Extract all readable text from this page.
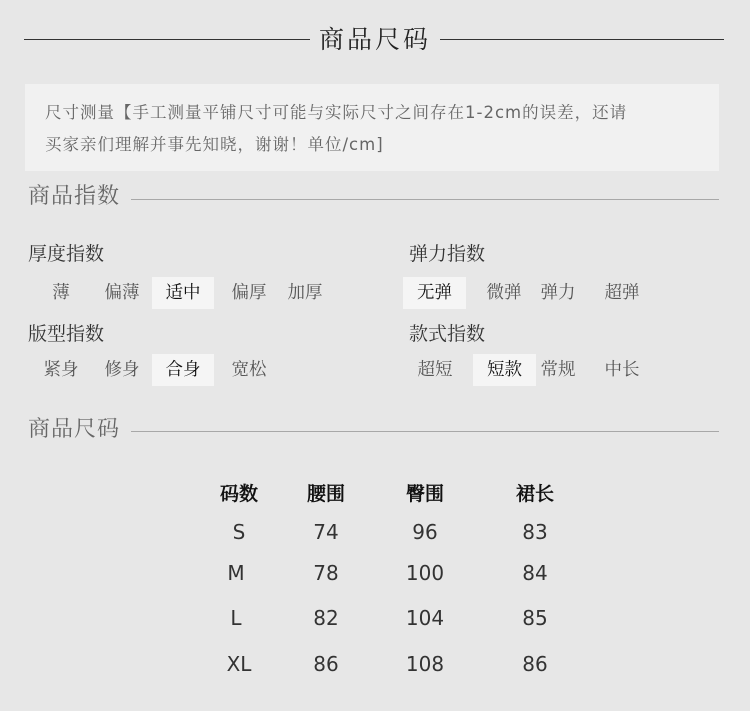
商品尺码
尺寸测量【手工测量平铺尺寸可能与实际尺寸之间存在1-2cm的误差，还请
买家亲们理解并事先知晓，谢谢！单位/cm]
商品指数
厚度指数
薄	偏薄	适中	偏厚	加厚
弹力指数
无弹	微弹	弹力	超弹
版型指数
紧身	修身	合身	宽松
款式指数
超短	短款	常规	中长
商品尺码
码数	腰围	臀围	裙长
S	74	96	83
M	78	100	84
L	82	104	85
XL	86	108	86
